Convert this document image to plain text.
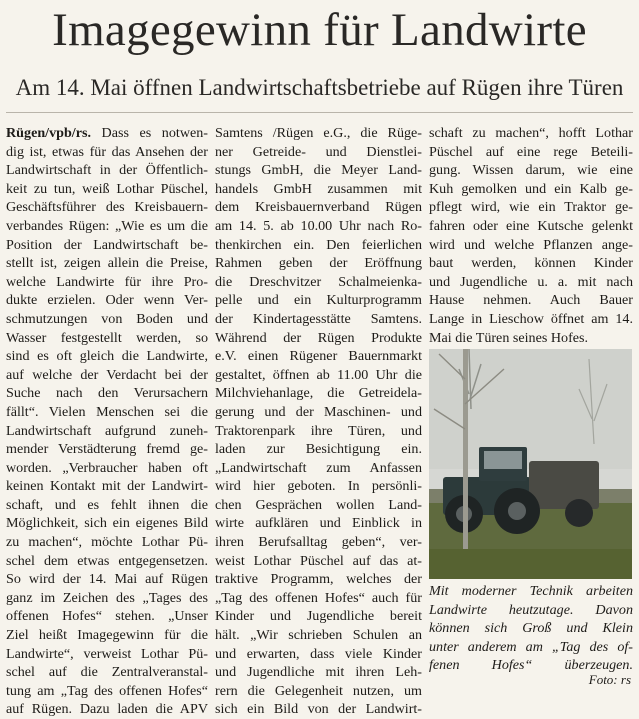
Imagegewinn für Landwirte
Am 14. Mai öffnen Landwirtschaftsbetriebe auf Rügen ihre Türen
Rügen/vpb/rs. Dass es notwen-
dig ist, etwas für das Ansehen der
Landwirtschaft in der Öffentlich-
keit zu tun, weiß Lothar Püschel,
Geschäftsführer des Kreisbauern-
verbandes Rügen: „Wie es um die
Position der Landwirtschaft be-
stellt ist, zeigen allein die Preise,
welche Landwirte für ihre Pro-
dukte erzielen. Oder wenn Ver-
schmutzungen von Boden und
Wasser festgestellt werden, so
sind es oft gleich die Landwirte,
auf welche der Verdacht bei der
Suche nach den Verursachern
fällt“. Vielen Menschen sei die
Landwirtschaft aufgrund zuneh-
mender Verstädterung fremd ge-
worden. „Verbraucher haben oft
keinen Kontakt mit der Landwirt-
schaft, und es fehlt ihnen die
Möglichkeit, sich ein eigenes Bild
zu machen“, möchte Lothar Pü-
schel dem etwas entgegensetzen.
So wird der 14. Mai auf Rügen
ganz im Zeichen des „Tages des
offenen Hofes“ stehen. „Unser
Ziel heißt Imagegewinn für die
Landwirte“, verweist Lothar Pü-
schel auf die Zentralveranstal-
tung am „Tag des offenen Hofes“
auf Rügen. Dazu laden die APV
Samtens /Rügen e.G., die Rüge-
ner Getreide- und Dienstlei-
stungs GmbH, die Meyer Land-
handels GmbH zusammen mit
dem Kreisbauernverband Rügen
am 14. 5. ab 10.00 Uhr nach Ro-
thenkirchen ein. Den feierlichen
Rahmen geben der Eröffnung
die Dreschvitzer Schalmeienka-
pelle und ein Kulturprogramm
der Kindertagesstätte Samtens.
Während der Rügen Produkte
e.V. einen Rügener Bauernmarkt
gestaltet, öffnen ab 11.00 Uhr die
Milchviehanlage, die Getreidela-
gerung und der Maschinen- und
Traktorenpark ihre Türen, und
laden zur Besichtigung ein.
„Landwirtschaft zum Anfassen
wird hier geboten. In persönli-
chen Gesprächen wollen Land-
wirte aufklären und Einblick in
ihren Berufsalltag geben“, ver-
weist Lothar Püschel auf das at-
traktive Programm, welches der
„Tag des offenen Hofes“ auch für
Kinder und Jugendliche bereit
hält. „Wir schrieben Schulen an
und erwarten, dass viele Kinder
und Jugendliche mit ihren Leh-
rern die Gelegenheit nutzen, um
sich ein Bild von der Landwirt-
schaft zu machen“, hofft Lothar
Püschel auf eine rege Beteili-
gung. Wissen darum, wie eine
Kuh gemolken und ein Kalb ge-
pflegt wird, wie ein Traktor ge-
fahren oder eine Kutsche gelenkt
wird und welche Pflanzen ange-
baut werden, können Kinder
und Jugendliche u. a. mit nach
Hause nehmen. Auch Bauer
Lange in Lieschow öffnet am 14.
Mai die Türen seines Hofes.
Mit moderner Technik arbeiten
Landwirte heutzutage. Davon
können sich Groß und Klein
unter anderem am „Tag des of-
fenen Hofes“ überzeugen.
Foto: rs
